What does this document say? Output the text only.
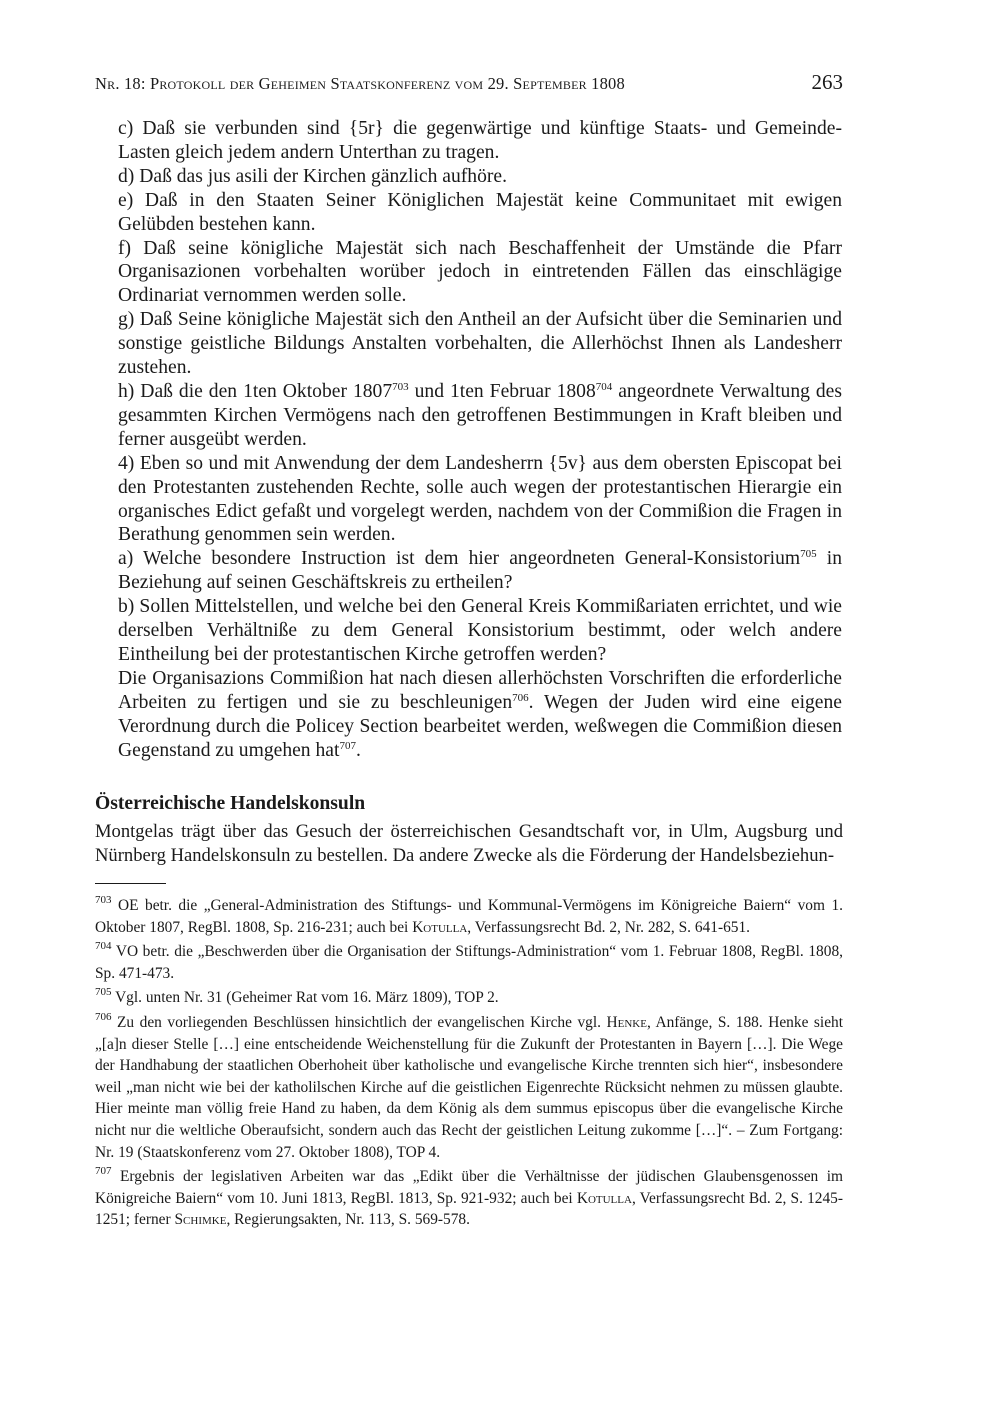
Nr. 18: Protokoll der Geheimen Staatskonferenz vom 29. September 1808	263

c) Daß sie verbunden sind {5r} die gegenwärtige und künftige Staats- und Gemeinde-Lasten gleich jedem andern Unterthan zu tragen.

d) Daß das jus asili der Kirchen gänzlich aufhöre.

e) Daß in den Staaten Seiner Königlichen Majestät keine Communitaet mit ewigen Gelübden bestehen kann.

f) Daß seine königliche Majestät sich nach Beschaffenheit der Umstände die Pfarr Organisazionen vorbehalten worüber jedoch in eintretenden Fällen das einschlägige Ordinariat vernommen werden solle.

g) Daß Seine königliche Majestät sich den Antheil an der Aufsicht über die Seminarien und sonstige geistliche Bildungs Anstalten vorbehalten, die Allerhöchst Ihnen als Landesherr zustehen.

h) Daß die den 1ten Oktober 1807$^{703}$ und 1ten Februar 1808$^{704}$ angeordnete Verwaltung des gesammten Kirchen Vermögens nach den getroffenen Bestimmungen in Kraft bleiben und ferner ausgeübt werden.

4) Eben so und mit Anwendung der dem Landesherrn {5v} aus dem obersten Episcopat bei den Protestanten zustehenden Rechte, solle auch wegen der protestantischen Hierargie ein organisches Edict gefaßt und vorgelegt werden, nachdem von der Commißion die Fragen in Berathung genommen sein werden.

a) Welche besondere Instruction ist dem hier angeordneten General-Konsistorium$^{705}$ in Beziehung auf seinen Geschäftskreis zu ertheilen?

b) Sollen Mittelstellen, und welche bei den General Kreis Kommißariaten errichtet, und wie derselben Verhältniße zu dem General Konsistorium bestimmt, oder welch andere Eintheilung bei der protestantischen Kirche getroffen werden?

Die Organisazions Commißion hat nach diesen allerhöchsten Vorschriften die erforderliche Arbeiten zu fertigen und sie zu beschleunigen$^{706}$. Wegen der Juden wird eine eigene Verordnung durch die Policey Section bearbeitet werden, weßwegen die Commißion diesen Gegenstand zu umgehen hat$^{707}$.

Österreichische Handelskonsuln

Montgelas trägt über das Gesuch der österreichischen Gesandtschaft vor, in Ulm, Augsburg und Nürnberg Handelskonsuln zu bestellen. Da andere Zwecke als die Förderung der Handelsbeziehun-

$^{703}$ OE betr. die „General-Administration des Stiftungs- und Kommunal-Vermögens im Königreiche Baiern“ vom 1. Oktober 1807, RegBl. 1808, Sp. 216-231; auch bei Kotulla, Verfassungsrecht Bd. 2, Nr. 282, S. 641-651.

$^{704}$ VO betr. die „Beschwerden über die Organisation der Stiftungs-Administration“ vom 1. Februar 1808, RegBl. 1808, Sp. 471-473.

$^{705}$ Vgl. unten Nr. 31 (Geheimer Rat vom 16. März 1809), TOP 2.

$^{706}$ Zu den vorliegenden Beschlüssen hinsichtlich der evangelischen Kirche vgl. Henke, Anfänge, S. 188. Henke sieht „[a]n dieser Stelle […] eine entscheidende Weichenstellung für die Zukunft der Protestanten in Bayern […]. Die Wege der Handhabung der staatlichen Oberhoheit über katholische und evangelische Kirche trennten sich hier“, insbesondere weil „man nicht wie bei der katholilschen Kirche auf die geistlichen Eigenrechte Rücksicht nehmen zu müssen glaubte. Hier meinte man völlig freie Hand zu haben, da dem König als dem summus episcopus über die evangelische Kirche nicht nur die weltliche Oberaufsicht, sondern auch das Recht der geistlichen Leitung zukomme […]“. – Zum Fortgang: Nr. 19 (Staatskonferenz vom 27. Oktober 1808), TOP 4.

$^{707}$ Ergebnis der legislativen Arbeiten war das „Edikt über die Verhältnisse der jüdischen Glaubensgenossen im Königreiche Baiern“ vom 10. Juni 1813, RegBl. 1813, Sp. 921-932; auch bei Kotulla, Verfassungsrecht Bd. 2, S. 1245-1251; ferner Schimke, Regierungsakten, Nr. 113, S. 569-578.
